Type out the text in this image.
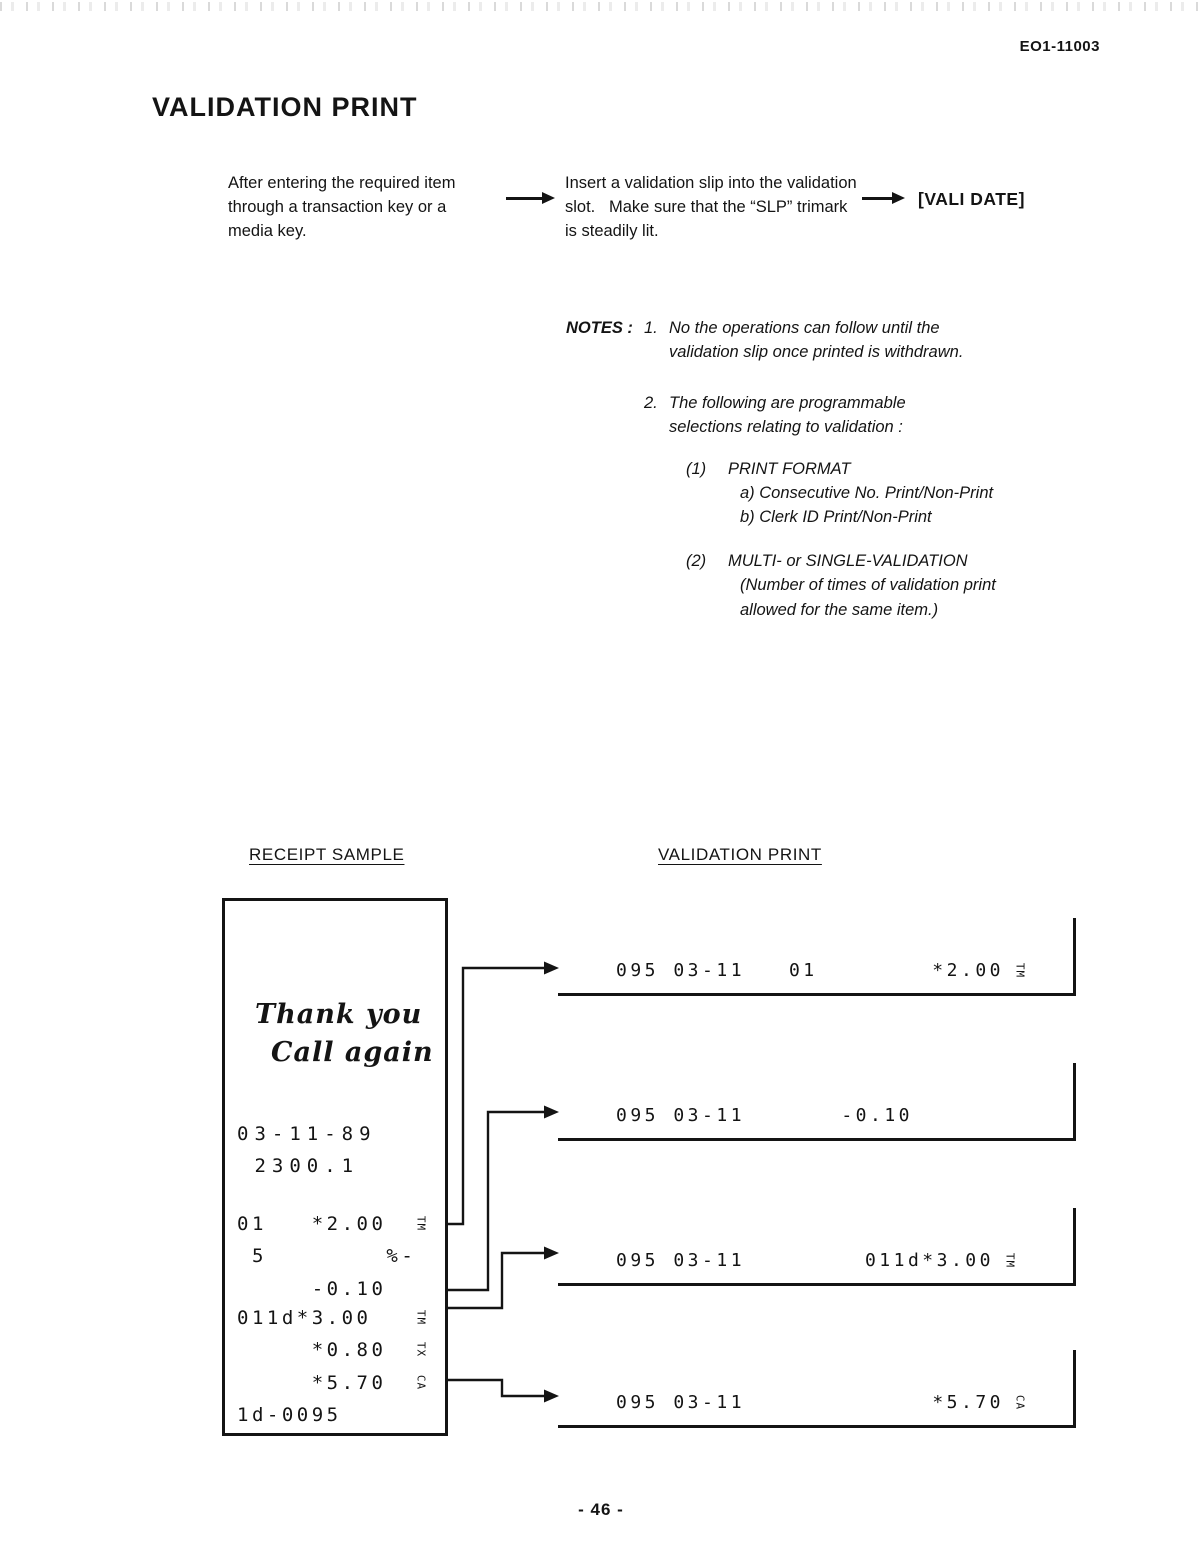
EO1-11003
VALIDATION PRINT
After entering the required item through a transaction key or a media key.
Insert a validation slip into the validation slot.   Make sure that the “SLP” trimark is steadily lit.
[VALI DATE]
NOTES : 1. No the operations can follow until the validation slip once printed is withdrawn.
2. The following are programmable selections relating to validation :
(1)	PRINT FORMAT
a) Consecutive No. Print/Non-Print
b) Clerk ID Print/Non-Print
(2)	MULTI- or SINGLE-VALIDATION
(Number of times of validation print allowed for the same item.)
RECEIPT SAMPLE	VALIDATION PRINT
Thank you
Call again
03-11-89
2300.1
01   *2.00	TM
5        %-
-0.10
011d*3.00	TM
*0.80	TX
*5.70	CA
1d-0095
095 03-11 01        *2.00 TM
095 03-11	-0.10
095 03-11	011d*3.00 TM
095 03-11	*5.70 CA
- 46 -
